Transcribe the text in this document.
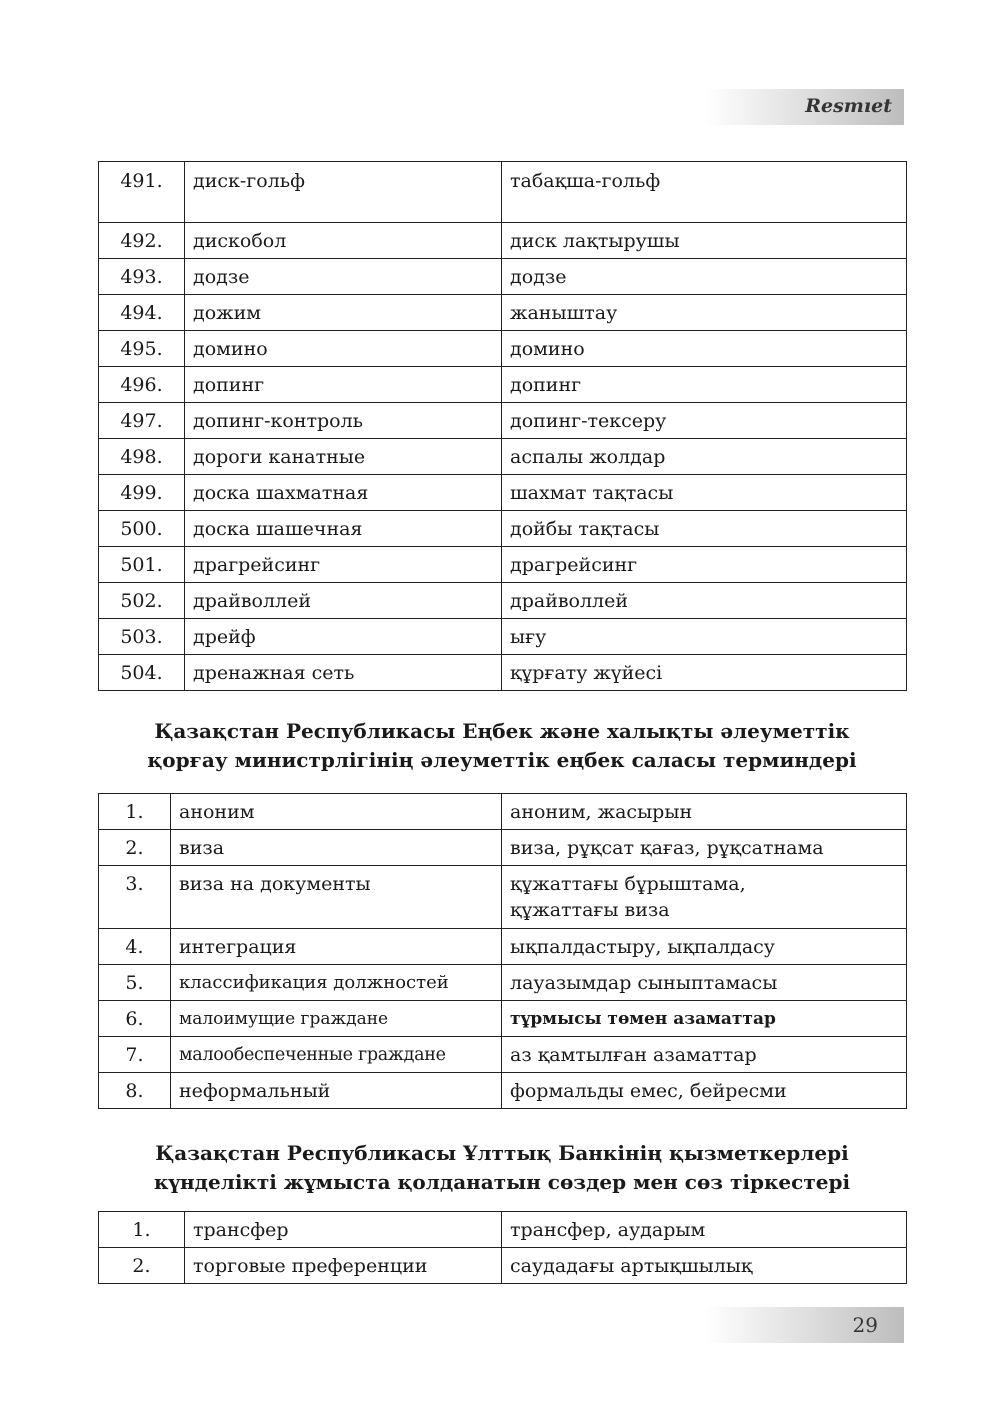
Resmıet
491.	диск-гольф	табақша-гольф
492.	дискобол	диск лақтырушы
493.	додзе	додзе
494.	дожим	жаныштау
495.	домино	домино
496.	допинг	допинг
497.	допинг-контроль	допинг-тексеру
498.	дороги канатные	аспалы жолдар
499.	доска шахматная	шахмат тақтасы
500.	доска шашечная	дойбы тақтасы
501.	драгрейсинг	драгрейсинг
502.	драйволлей	драйволлей
503.	дрейф	ығу
504.	дренажная сеть	құрғату жүйесі
Қазақстан Республикасы Еңбек және халықты әлеуметтік
қорғау министрлігінің әлеуметтік еңбек саласы терминдері
1.	аноним	аноним, жасырын
2.	виза	виза, рұқсат қағаз, рұқсатнама
3.	виза на документы	құжаттағы бұрыштама, құжаттағы виза
4.	интеграция	ықпалдастыру, ықпалдасу
5.	классификация должностей	лауазымдар сыныптамасы
6.	малоимущие граждане	тұрмысы төмен азаматтар
7.	малообеспеченные граждане	аз қамтылған азаматтар
8.	неформальный	формальды емес, бейресми
Қазақстан Республикасы Ұлттық Банкінің қызметкерлері
күнделікті жұмыста қолданатын сөздер мен сөз тіркестері
1.	трансфер	трансфер, аударым
2.	торговые преференции	саудадағы артықшылық
29
